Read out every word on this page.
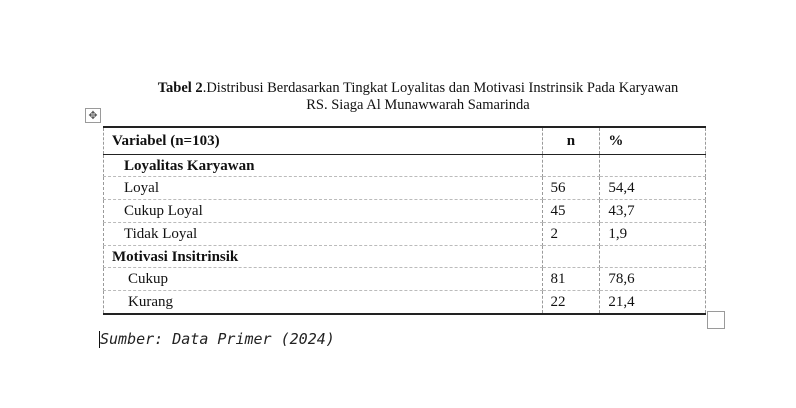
Tabel 2.Distribusi Berdasarkan Tingkat Loyalitas dan Motivasi Instrinsik Pada Karyawan
RS. Siaga Al Munawwarah Samarinda
✥
Variabel (n=103)	n	%
Loyalitas Karyawan		
Loyal	56	54,4
Cukup Loyal	45	43,7
Tidak Loyal	2	1,9
Motivasi Insitrinsik		
Cukup	81	78,6
Kurang	22	21,4
Sumber: Data Primer (2024)
